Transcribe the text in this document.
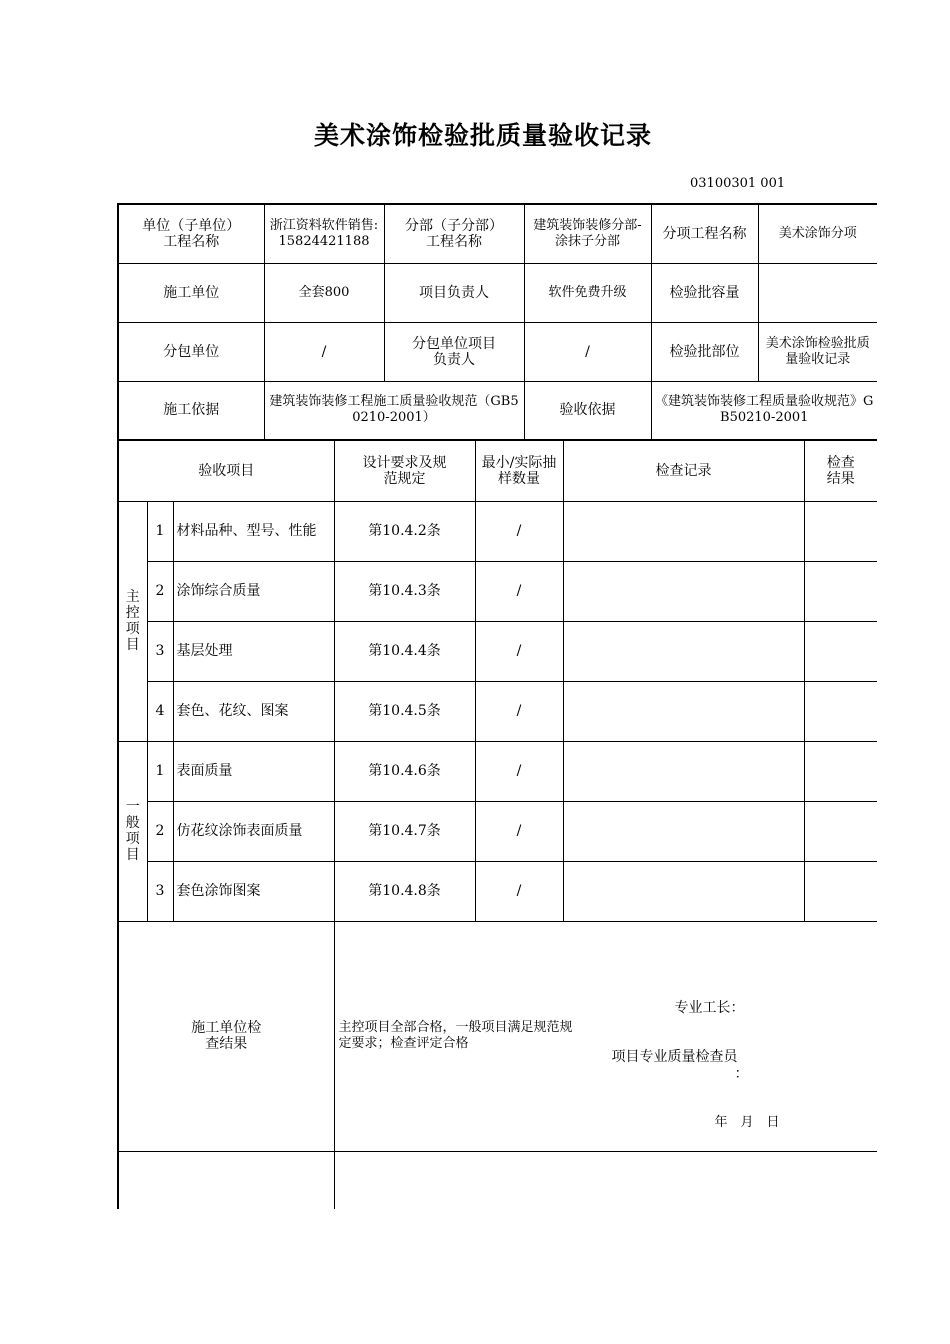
美术涂饰检验批质量验收记录
03100301 001
单位（子单位）工程名称	浙江资料软件销售:15824421188	分部（子分部）工程名称	建筑装饰装修分部-涂抹子分部	分项工程名称	美术涂饰分项
施工单位	全套800	项目负责人	软件免费升级	检验批容量	
分包单位	/	分包单位项目负责人	/	检验批部位	美术涂饰检验批质量验收记录
施工依据	建筑装饰装修工程施工质量验收规范（GB50210-2001）		验收依据	《建筑装饰装修工程质量验收规范》GB50210-2001	
验收项目			设计要求及规范规定	最小/实际抽样数量	检查记录	检查结果
主控项目	1	材料品种、型号、性能	第10.4.2条	/		
	2	涂饰综合质量	第10.4.3条	/		
	3	基层处理	第10.4.4条	/		
	4	套色、花纹、图案	第10.4.5条	/		
一般项目	1	表面质量	第10.4.6条	/		
	2	仿花纹涂饰表面质量	第10.4.7条	/		
	3	套色涂饰图案	第10.4.8条	/		
施工单位检查结果			主控项目全部合格，一般项目满足规范规定要求；检查评定合格
专业工长：
项目专业质量检查员
：
年　月　日			
